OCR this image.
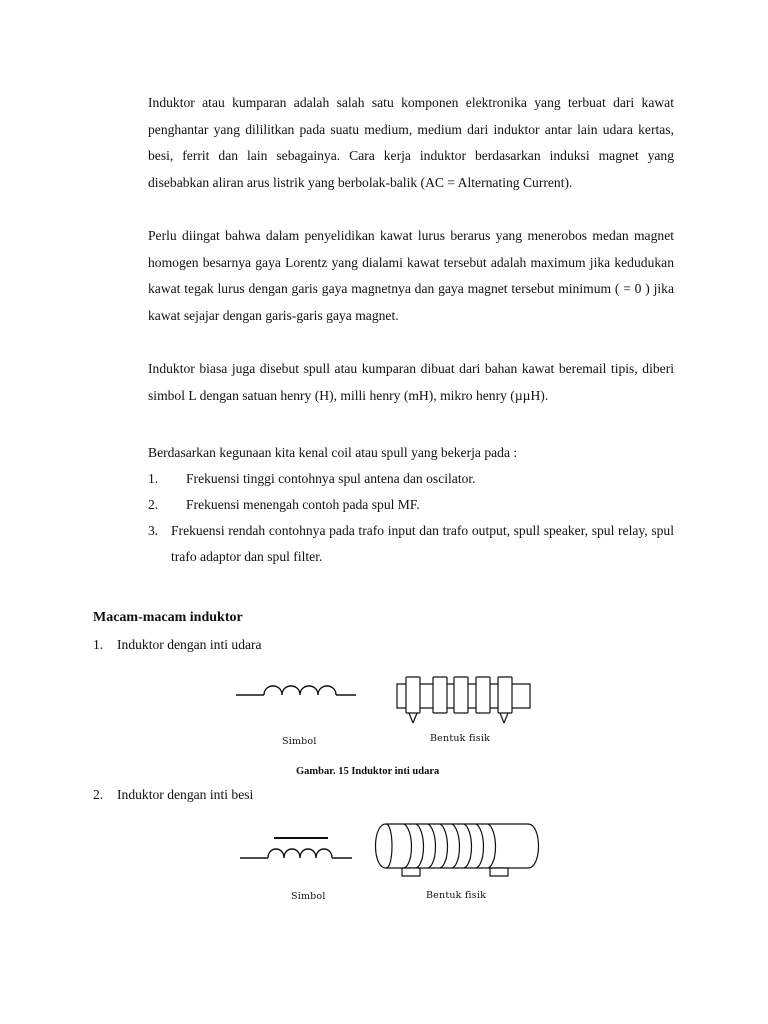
Induktor atau kumparan adalah salah satu komponen elektronika yang terbuat dari kawat penghantar yang dililitkan pada suatu medium, medium dari induktor antar lain udara kertas, besi, ferrit dan lain sebagainya. Cara kerja induktor berdasarkan induksi magnet yang disebabkan aliran arus listrik yang berbolak-balik (AC = Alternating Current).

Perlu diingat bahwa dalam penyelidikan kawat lurus berarus yang menerobos medan magnet homogen besarnya gaya Lorentz yang dialami kawat tersebut adalah maximum jika kedudukan kawat tegak lurus dengan garis gaya magnetnya dan gaya magnet tersebut minimum ( = 0 ) jika kawat sejajar dengan garis-garis gaya magnet.

Induktor biasa juga disebut spull atau kumparan dibuat dari bahan kawat beremail tipis, diberi simbol L dengan satuan henry (H), milli henry (mH), mikro henry (µµH).

Berdasarkan kegunaan kita kenal coil atau spull yang bekerja pada :

1. Frekuensi tinggi contohnya spul antena dan oscilator.
2. Frekuensi menengah contoh pada spul MF.
3. Frekuensi rendah contohnya pada trafo input dan trafo output, spull speaker, spul relay, spul trafo adaptor dan spul filter.
Macam-macam induktor
1. Induktor dengan inti udara
Simbol	Bentuk fisik
Gambar. 15 Induktor inti udara
2. Induktor dengan inti besi
Simbol	Bentuk fisik
